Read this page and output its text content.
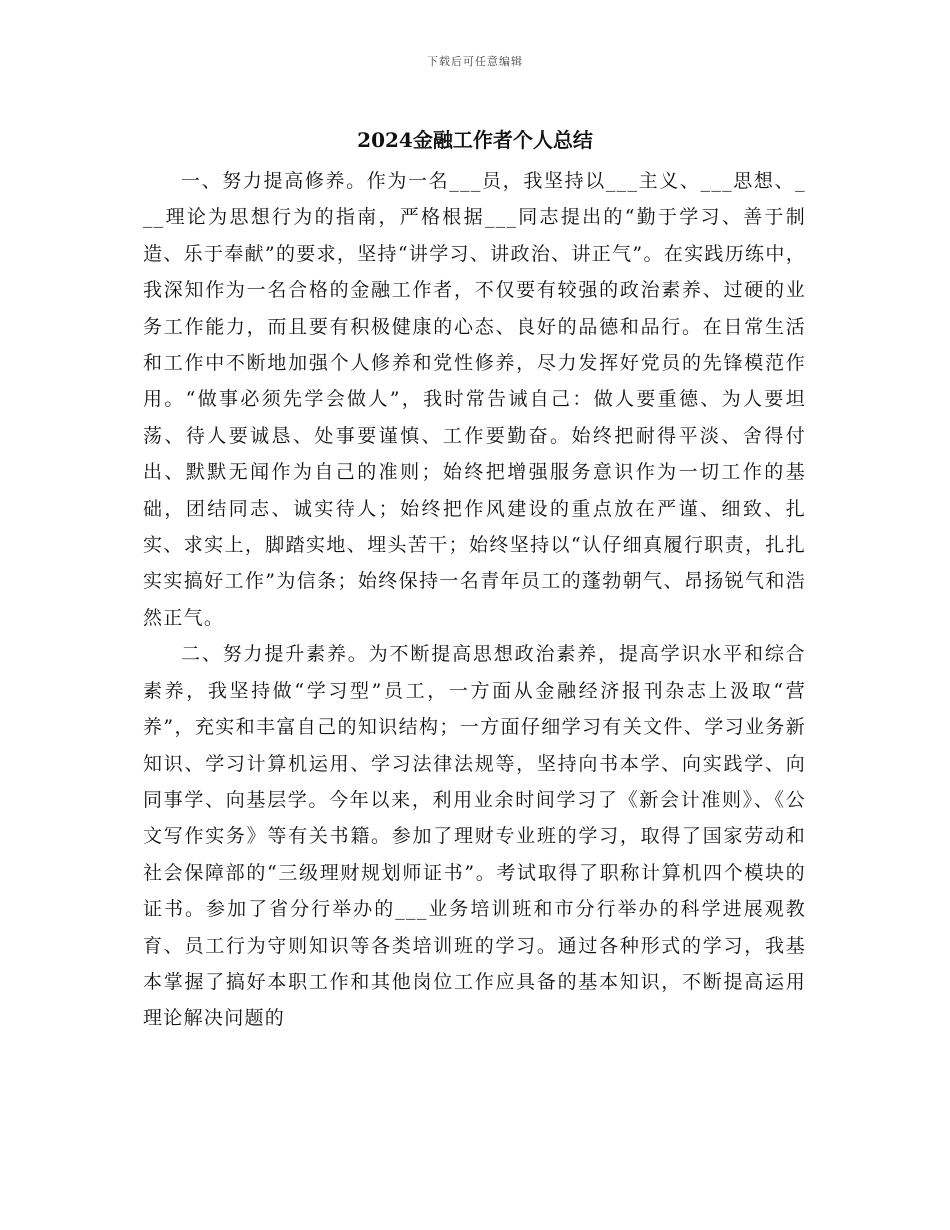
下载后可任意编辑
2024金融工作者个人总结

一、努力提高修养。作为一名___员，我坚持以___主义、___思想、___理论为思想行为的指南，严格根据___同志提出的“勤于学习、善于制造、乐于奉献”的要求，坚持“讲学习、讲政治、讲正气”。在实践历练中，我深知作为一名合格的金融工作者，不仅要有较强的政治素养、过硬的业务工作能力，而且要有积极健康的心态、良好的品德和品行。在日常生活和工作中不断地加强个人修养和党性修养，尽力发挥好党员的先锋模范作用。“做事必须先学会做人”，我时常告诫自己：做人要重德、为人要坦荡、待人要诚恳、处事要谨慎、工作要勤奋。始终把耐得平淡、舍得付出、默默无闻作为自己的准则；始终把增强服务意识作为一切工作的基础，团结同志、诚实待人；始终把作风建设的重点放在严谨、细致、扎实、求实上，脚踏实地、埋头苦干；始终坚持以“认仔细真履行职责，扎扎实实搞好工作”为信条；始终保持一名青年员工的蓬勃朝气、昂扬锐气和浩然正气。

二、努力提升素养。为不断提高思想政治素养，提高学识水平和综合素养，我坚持做“学习型”员工，一方面从金融经济报刊杂志上汲取“营养”，充实和丰富自己的知识结构；一方面仔细学习有关文件、学习业务新知识、学习计算机运用、学习法律法规等，坚持向书本学、向实践学、向同事学、向基层学。今年以来，利用业余时间学习了《新会计准则》、《公文写作实务》等有关书籍。参加了理财专业班的学习，取得了国家劳动和社会保障部的“三级理财规划师证书”。考试取得了职称计算机四个模块的证书。参加了省分行举办的___业务培训班和市分行举办的科学进展观教育、员工行为守则知识等各类培训班的学习。通过各种形式的学习，我基本掌握了搞好本职工作和其他岗位工作应具备的基本知识，不断提高运用理论解决问题的
